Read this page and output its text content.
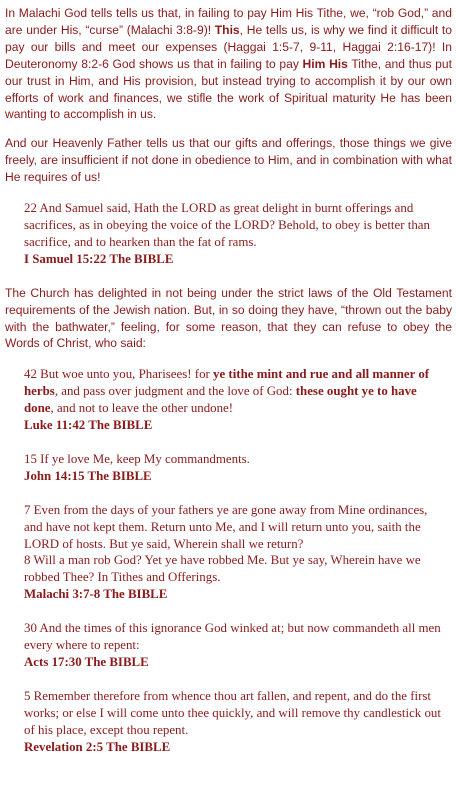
In Malachi God tells tells us that, in failing to pay Him His Tithe, we, “rob God,” and are under His, “curse” (Malachi 3:8-9)! This, He tells us, is why we find it difficult to pay our bills and meet our expenses (Haggai 1:5-7, 9-11, Haggai 2:16-17)! In Deuteronomy 8:2-6 God shows us that in failing to pay Him His Tithe, and thus put our trust in Him, and His provision, but instead trying to accomplish it by our own efforts of work and finances, we stifle the work of Spiritual maturity He has been wanting to accomplish in us.

And our Heavenly Father tells us that our gifts and offerings, those things we give freely, are insufficient if not done in obedience to Him, and in combination with what He requires of us!

22 And Samuel said, Hath the LORD as great delight in burnt offerings and sacrifices, as in obeying the voice of the LORD? Behold, to obey is better than sacrifice, and to hearken than the fat of rams.
I Samuel 15:22 The BIBLE

The Church has delighted in not being under the strict laws of the Old Testament requirements of the Jewish nation. But, in so doing they have, “thrown out the baby with the bathwater,” feeling, for some reason, that they can refuse to obey the Words of Christ, who said:

42 But woe unto you, Pharisees! for ye tithe mint and rue and all manner of herbs, and pass over judgment and the love of God: these ought ye to have done, and not to leave the other undone!
Luke 11:42 The BIBLE
15 If ye love Me, keep My commandments.
John 14:15 The BIBLE
7 Even from the days of your fathers ye are gone away from Mine ordinances, and have not kept them. Return unto Me, and I will return unto you, saith the LORD of hosts. But ye said, Wherein shall we return?
8 Will a man rob God? Yet ye have robbed Me. But ye say, Wherein have we robbed Thee? In Tithes and Offerings.
Malachi 3:7-8 The BIBLE
30 And the times of this ignorance God winked at; but now commandeth all men every where to repent:
Acts 17:30 The BIBLE
5 Remember therefore from whence thou art fallen, and repent, and do the first works; or else I will come unto thee quickly, and will remove thy candlestick out of his place, except thou repent.
Revelation 2:5 The BIBLE
